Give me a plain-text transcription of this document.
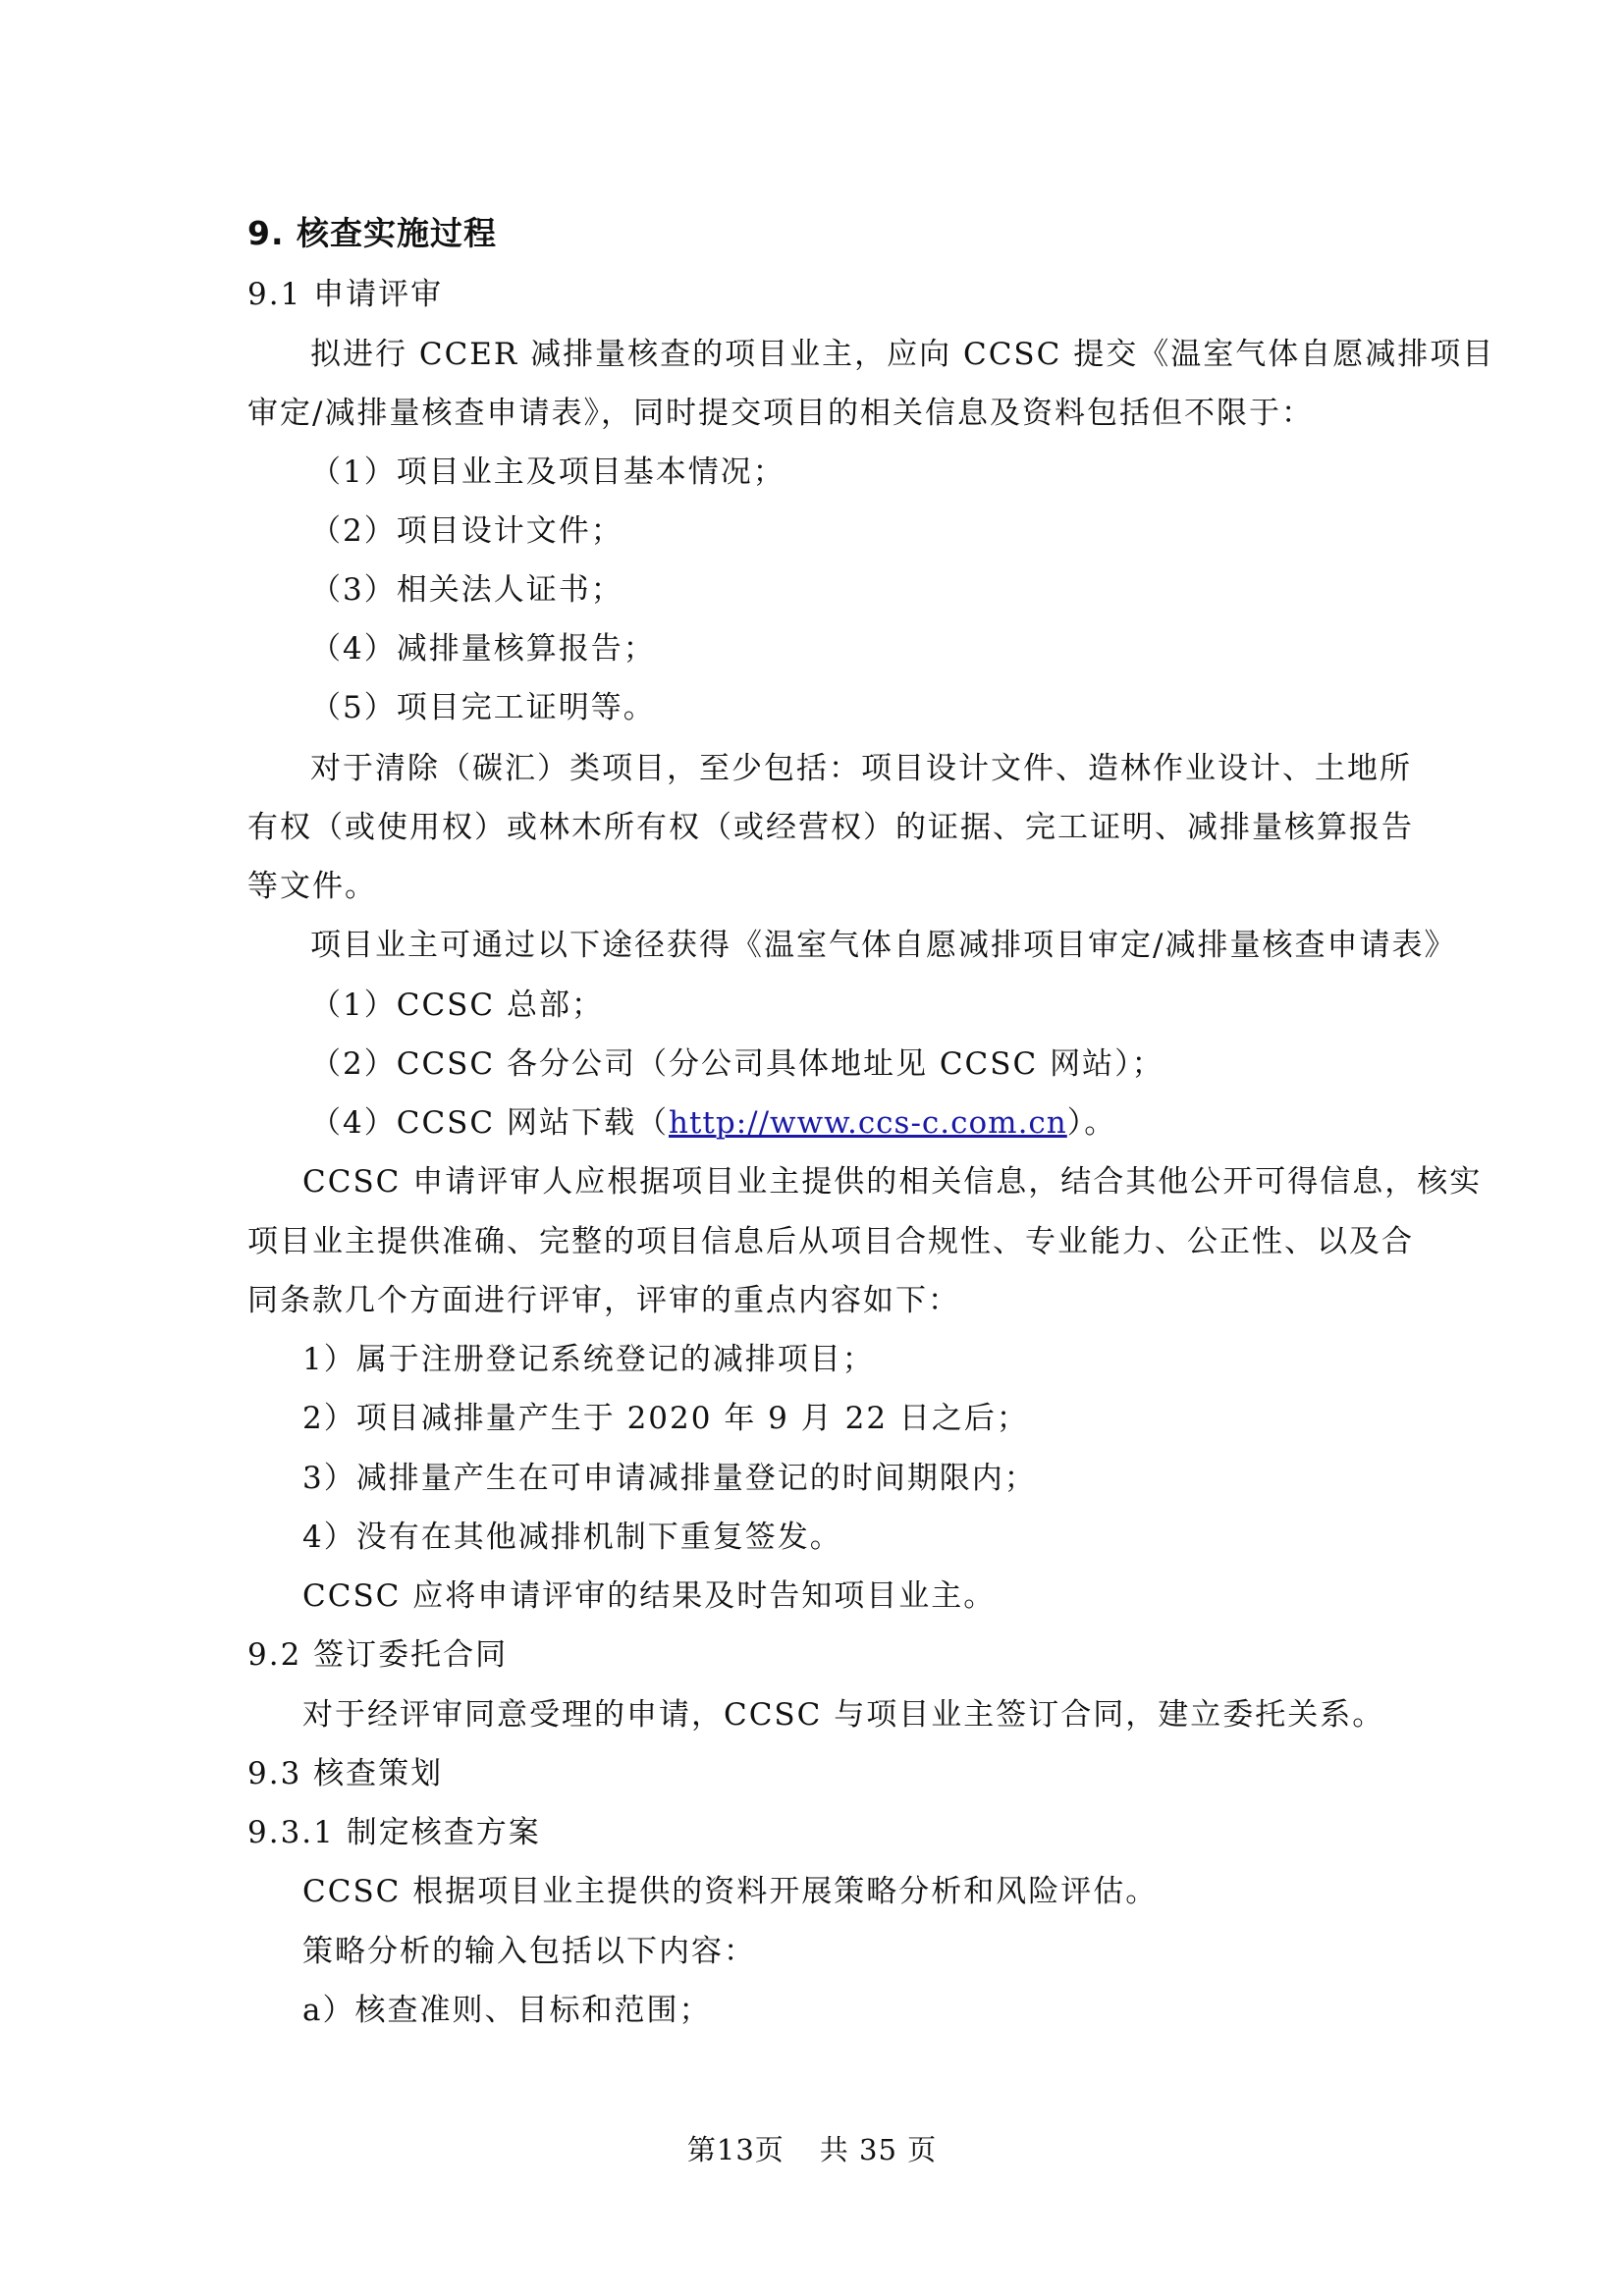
9. 核查实施过程
9.1 申请评审
拟进行 CCER 减排量核查的项目业主，应向 CCSC 提交《温室气体自愿减排项目
审定/减排量核查申请表》，同时提交项目的相关信息及资料包括但不限于：
（1）项目业主及项目基本情况；
（2）项目设计文件；
（3）相关法人证书；
（4）减排量核算报告；
（5）项目完工证明等。
对于清除（碳汇）类项目，至少包括：项目设计文件、造林作业设计、土地所
有权（或使用权）或林木所有权（或经营权）的证据、完工证明、减排量核算报告
等文件。
项目业主可通过以下途径获得《温室气体自愿减排项目审定/减排量核查申请表》
（1）CCSC 总部；
（2）CCSC 各分公司（分公司具体地址见 CCSC 网站）；
（4）CCSC 网站下载（http://www.ccs-c.com.cn）。
CCSC 申请评审人应根据项目业主提供的相关信息，结合其他公开可得信息，核实
项目业主提供准确、完整的项目信息后从项目合规性、专业能力、公正性、以及合
同条款几个方面进行评审，评审的重点内容如下：
1）属于注册登记系统登记的减排项目；
2）项目减排量产生于 2020 年 9 月 22 日之后；
3）减排量产生在可申请减排量登记的时间期限内；
4）没有在其他减排机制下重复签发。
CCSC 应将申请评审的结果及时告知项目业主。
9.2 签订委托合同
对于经评审同意受理的申请，CCSC 与项目业主签订合同，建立委托关系。
9.3 核查策划
9.3.1 制定核查方案
CCSC 根据项目业主提供的资料开展策略分析和风险评估。
策略分析的输入包括以下内容：
a）核查准则、目标和范围；
第13页 共 35 页
